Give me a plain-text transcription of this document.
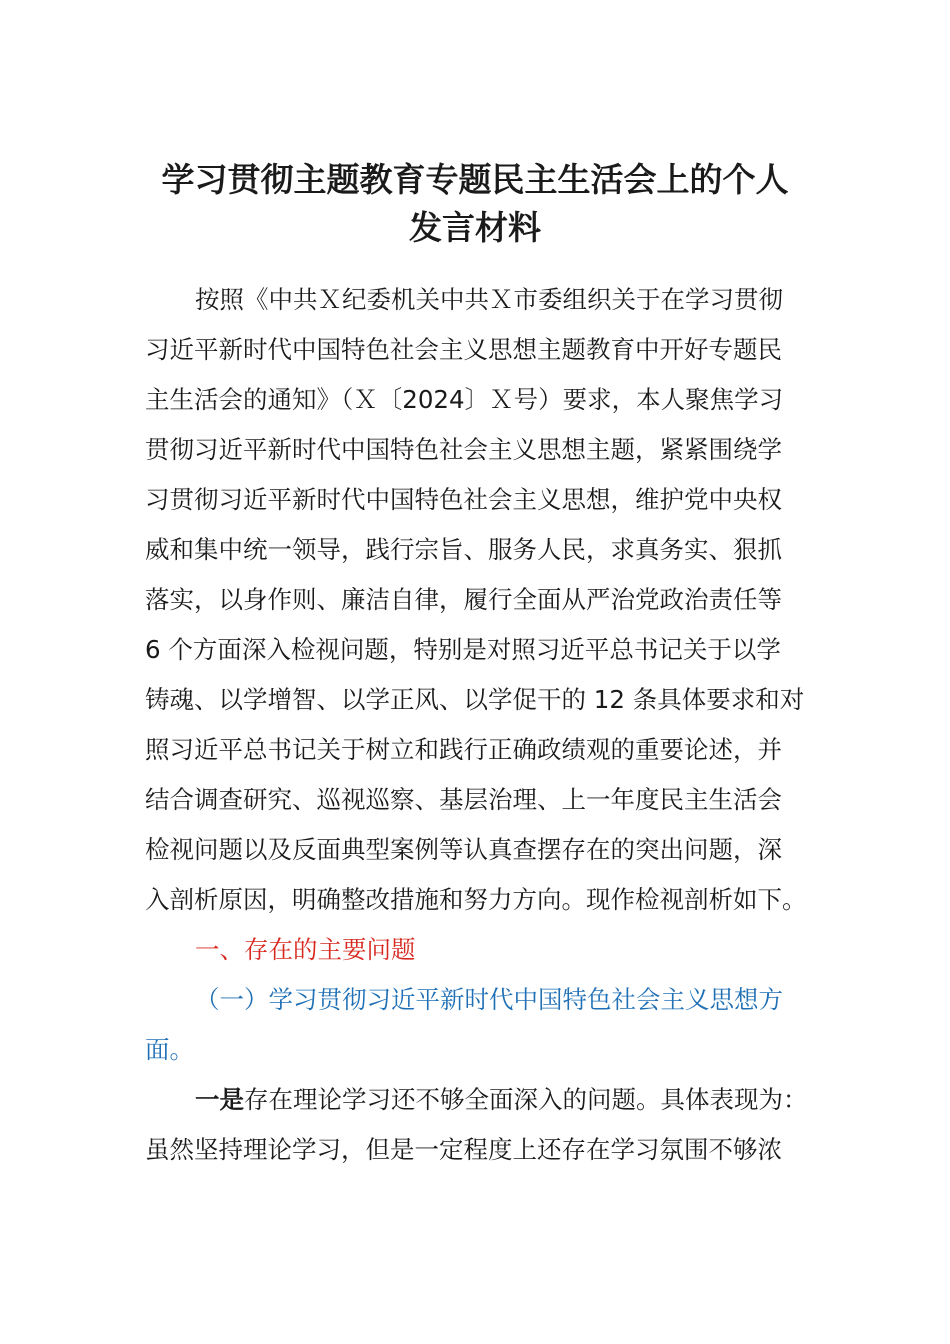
学习贯彻主题教育专题民主生活会上的个人
发言材料

按照《中共Ｘ纪委机关中共Ｘ市委组织关于在学习贯彻

习近平新时代中国特色社会主义思想主题教育中开好专题民

主生活会的通知》（Ｘ〔2024〕Ｘ号）要求，本人聚焦学习

贯彻习近平新时代中国特色社会主义思想主题，紧紧围绕学

习贯彻习近平新时代中国特色社会主义思想，维护党中央权

威和集中统一领导，践行宗旨、服务人民，求真务实、狠抓

落实，以身作则、廉洁自律，履行全面从严治党政治责任等

6 个方面深入检视问题，特别是对照习近平总书记关于以学

铸魂、以学增智、以学正风、以学促干的 12 条具体要求和对

照习近平总书记关于树立和践行正确政绩观的重要论述，并

结合调查研究、巡视巡察、基层治理、上一年度民主生活会

检视问题以及反面典型案例等认真查摆存在的突出问题，深

入剖析原因，明确整改措施和努力方向。现作检视剖析如下。

一、存在的主要问题

（一）学习贯彻习近平新时代中国特色社会主义思想方

面。

一是存在理论学习还不够全面深入的问题。具体表现为：

虽然坚持理论学习，但是一定程度上还存在学习氛围不够浓
